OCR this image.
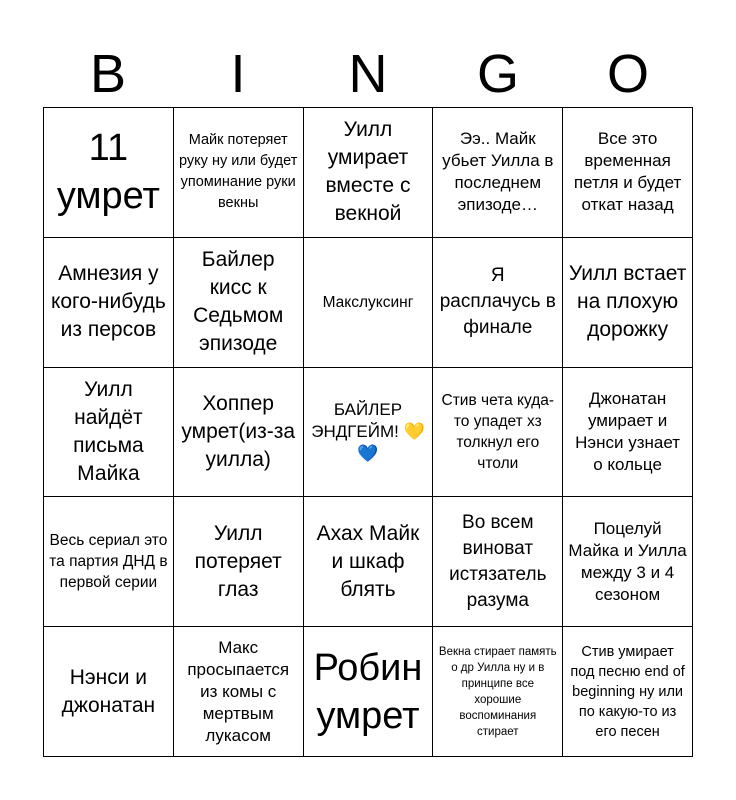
B	I	N	G	O
11 умрет
Майк потеряет руку ну или будет упоминание руки векны
Уилл умирает вместе с векной
Ээ.. Майк убьет Уилла в последнем эпизоде…
Все это временная петля и будет откат назад
Амнезия у кого-нибудь из персов
Байлер кисс к Седьмом эпизоде
Макслуксинг
Я расплачусь в финале
Уилл встает на плохую дорожку
Уилл найдёт письма Майка
Хоппер умрет(из-за уилла)
БАЙЛЕР ЭНДГЕЙМ! 💛💙
Стив чета куда-то упадет хз толкнул его чтоли
Джонатан умирает и Нэнси узнает о кольце
Весь сериал это та партия ДНД в первой серии
Уилл потеряет глаз
Ахах Майк и шкаф блять
Во всем виноват истязатель разума
Поцелуй Майка и Уилла между 3 и 4 сезоном
Нэнси и джонатан
Макс просыпается из комы с мертвым лукасом
Робин умрет
Векна стирает память о др Уилла ну и в принципе все хорошие воспоминания стирает
Стив умирает под песню end of beginning ну или по какую-то из его песен
